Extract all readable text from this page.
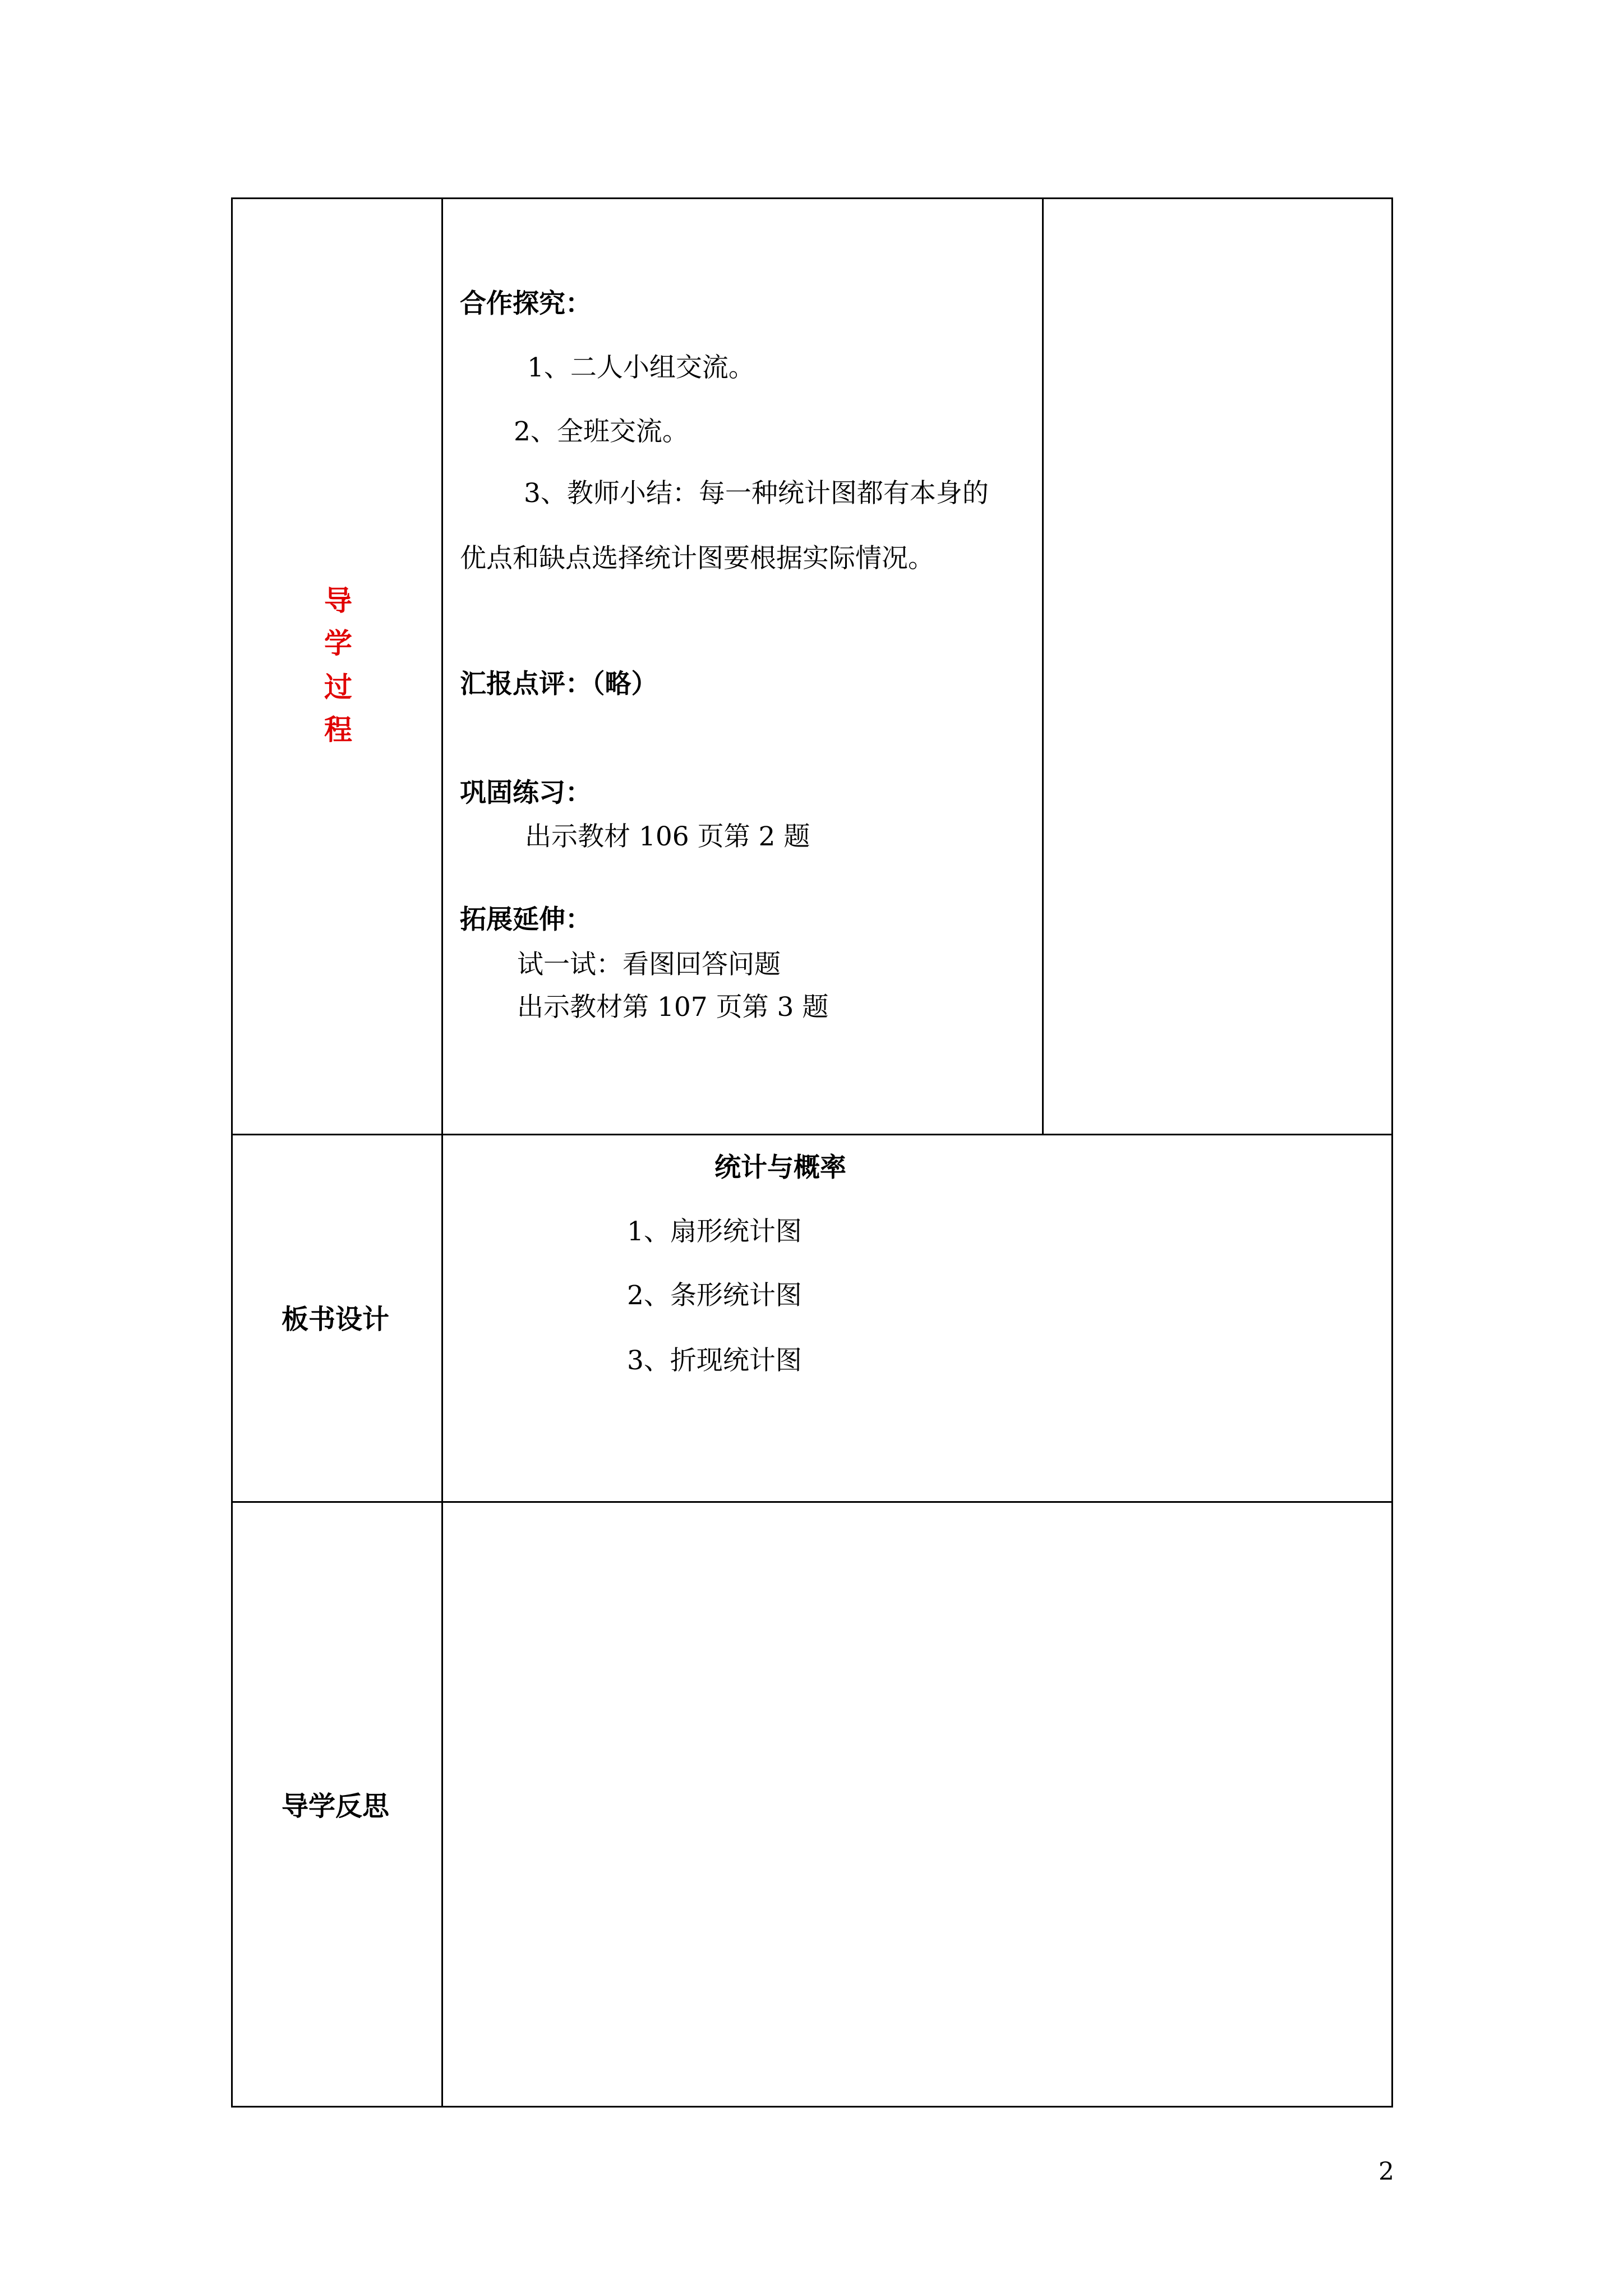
导
学
过
程
合作探究：
1、二人小组交流。
2、全班交流。
3、教师小结：每一种统计图都有本身的
优点和缺点选择统计图要根据实际情况。
汇报点评：（略）
巩固练习：
出示教材 106 页第 2 题
拓展延伸：
试一试：看图回答问题
出示教材第 107 页第 3 题
板书设计
统计与概率
1、扇形统计图
2、条形统计图
3、折现统计图
导学反思
2
